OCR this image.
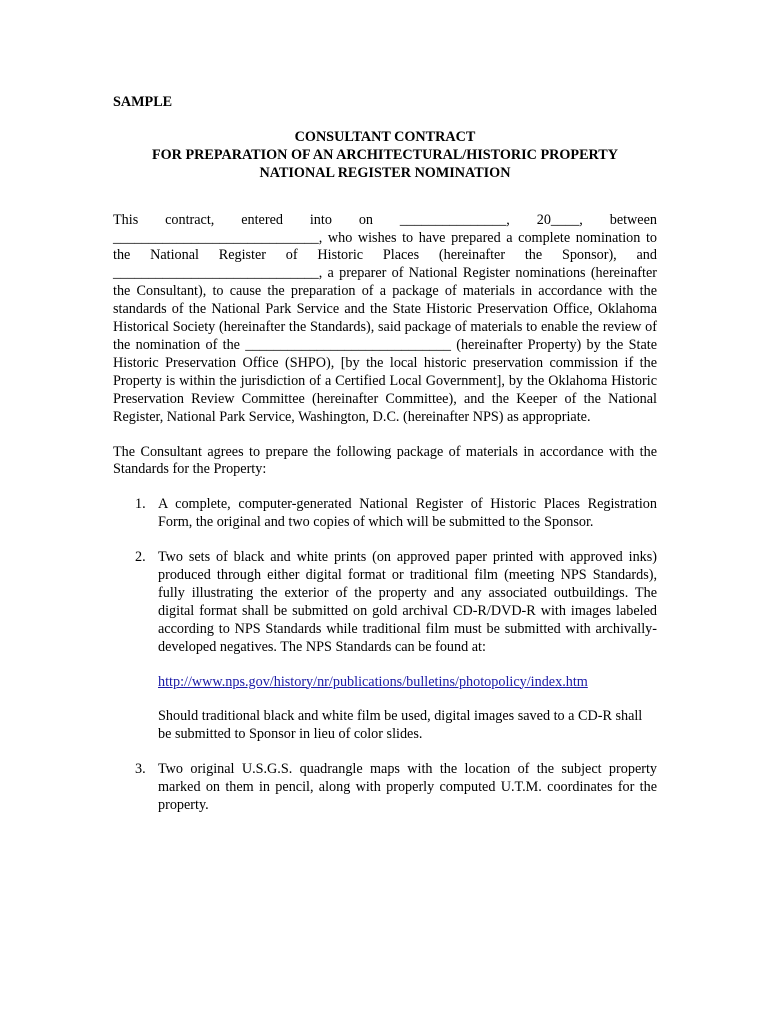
SAMPLE
CONSULTANT CONTRACT
FOR PREPARATION OF AN ARCHITECTURAL/HISTORIC PROPERTY
NATIONAL REGISTER NOMINATION

This contract, entered into on _______________, 20____, between _____________________________, who wishes to have prepared a complete nomination to the National Register of Historic Places (hereinafter the Sponsor), and _____________________________, a preparer of National Register nominations (hereinafter the Consultant), to cause the preparation of a package of materials in accordance with the standards of the National Park Service and the State Historic Preservation Office, Oklahoma Historical Society (hereinafter the Standards), said package of materials to enable the review of the nomination of the _____________________________ (hereinafter Property) by the State Historic Preservation Office (SHPO), [by the local historic preservation commission if the Property is within the jurisdiction of a Certified Local Government], by the Oklahoma Historic Preservation Review Committee (hereinafter Committee), and the Keeper of the National Register, National Park Service, Washington, D.C. (hereinafter NPS) as appropriate.

The Consultant agrees to prepare the following package of materials in accordance with the Standards for the Property:
1. A complete, computer-generated National Register of Historic Places Registration Form, the original and two copies of which will be submitted to the Sponsor.
2. Two sets of black and white prints (on approved paper printed with approved inks) produced through either digital format or traditional film (meeting NPS Standards), fully illustrating the exterior of the property and any associated outbuildings. The digital format shall be submitted on gold archival CD-R/DVD-R with images labeled according to NPS Standards while traditional film must be submitted with archivally-developed negatives. The NPS Standards can be found at:
http://www.nps.gov/history/nr/publications/bulletins/photopolicy/index.htm
Should traditional black and white film be used, digital images saved to a CD-R shall be submitted to Sponsor in lieu of color slides.
3. Two original U.S.G.S. quadrangle maps with the location of the subject property marked on them in pencil, along with properly computed U.T.M. coordinates for the property.
